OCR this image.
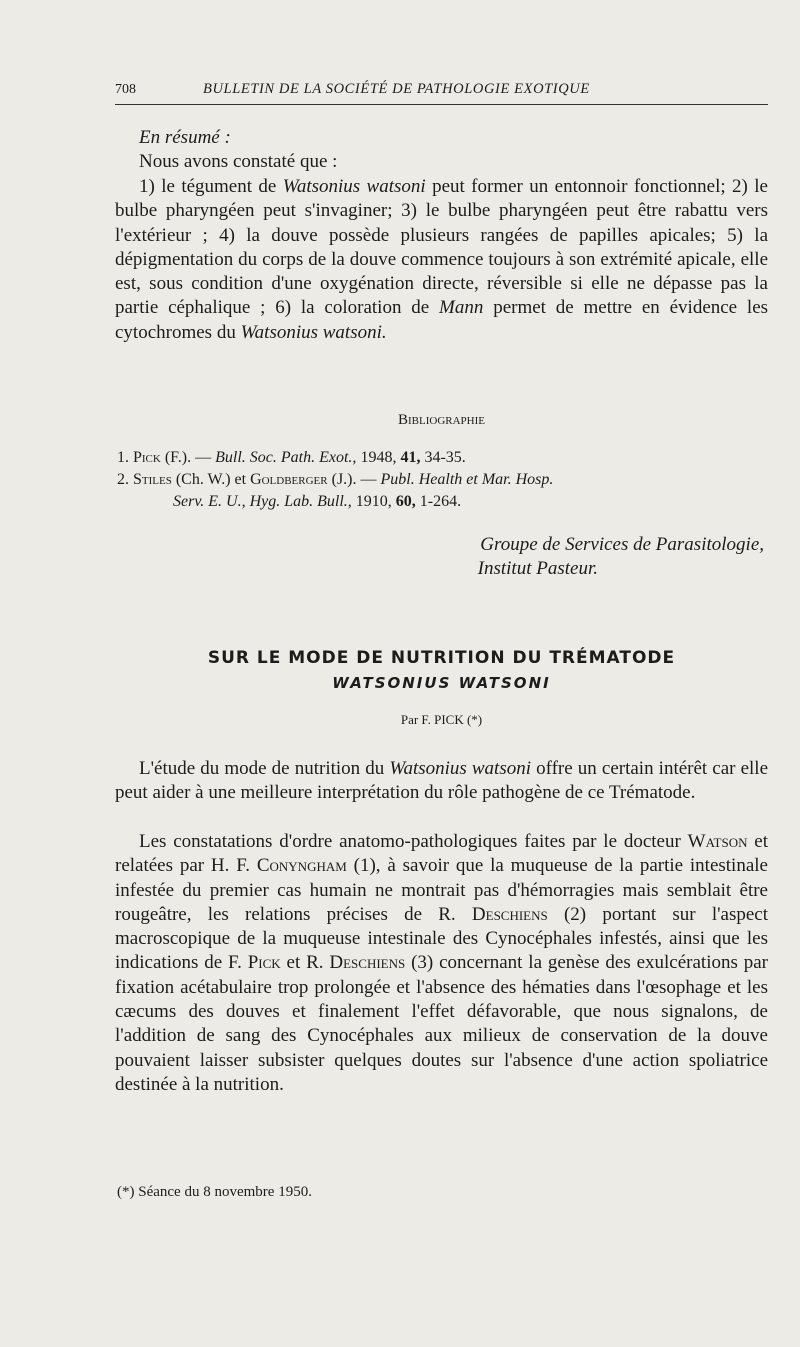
708	BULLETIN DE LA SOCIÉTÉ DE PATHOLOGIE EXOTIQUE
En résumé :
Nous avons constaté que :
1) le tégument de Watsonius watsoni peut former un entonnoir fonctionnel; 2) le bulbe pharyngéen peut s'invaginer; 3) le bulbe pharyngéen peut être rabattu vers l'extérieur ; 4) la douve possède plusieurs rangées de papilles apicales; 5) la dépigmentation du corps de la douve commence toujours à son extrémité apicale, elle est, sous condition d'une oxygénation directe, réversible si elle ne dépasse pas la partie céphalique ; 6) la coloration de Mann permet de mettre en évidence les cytochromes du Watsonius watsoni.
Bibliographie
1. Pick (F.). — Bull. Soc. Path. Exot., 1948, 41, 34-35.
2. Stiles (Ch. W.) et Goldberger (J.). — Publ. Health et Mar. Hosp.
Serv. E. U., Hyg. Lab. Bull., 1910, 60, 1-264.
Groupe de Services de Parasitologie,
Institut Pasteur.
SUR LE MODE DE NUTRITION DU TRÉMATODE
WATSONIUS WATSONI
Par F. PICK (*)
L'étude du mode de nutrition du Watsonius watsoni offre un certain intérêt car elle peut aider à une meilleure interprétation du rôle pathogène de ce Trématode.
Les constatations d'ordre anatomo-pathologiques faites par le docteur Watson et relatées par H. F. Conyngham (1), à savoir que la muqueuse de la partie intestinale infestée du premier cas humain ne montrait pas d'hémorragies mais semblait être rougeâtre, les relations précises de R. Deschiens (2) portant sur l'aspect macroscopique de la muqueuse intestinale des Cynocéphales infestés, ainsi que les indications de F. Pick et R. Deschiens (3) concernant la genèse des exulcérations par fixation acétabulaire trop prolongée et l'absence des hématies dans l'œsophage et les cæcums des douves et finalement l'effet défavorable, que nous signalons, de l'addition de sang des Cynocéphales aux milieux de conservation de la douve pouvaient laisser subsister quelques doutes sur l'absence d'une action spoliatrice destinée à la nutrition.
(*) Séance du 8 novembre 1950.
